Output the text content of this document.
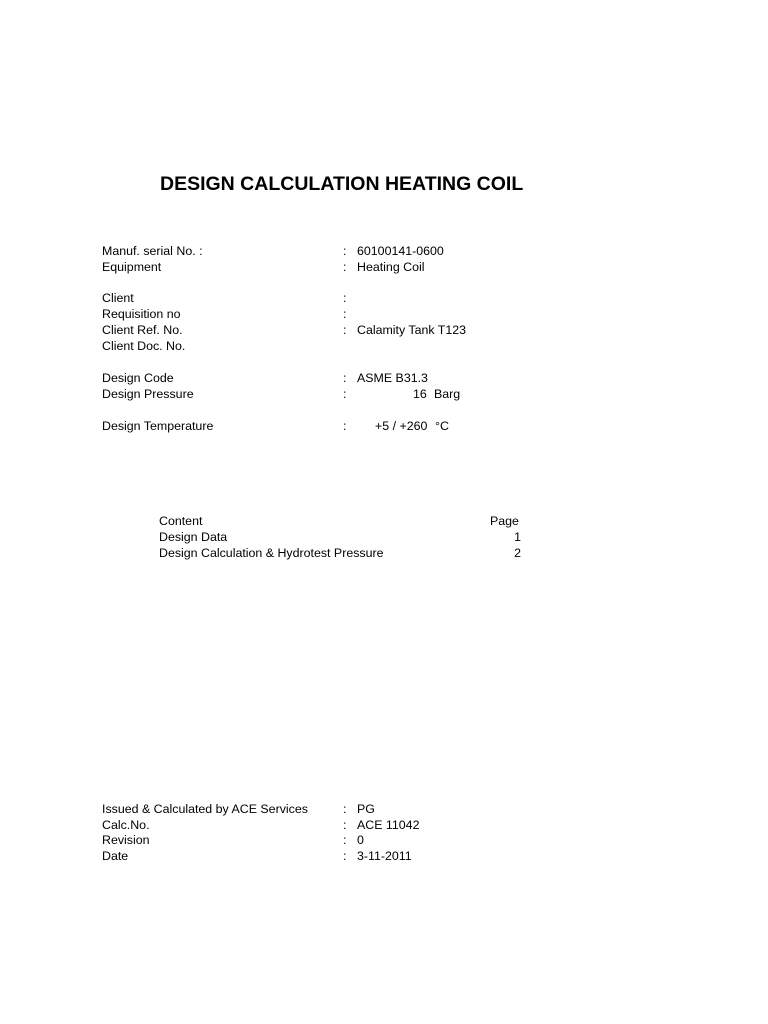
DESIGN CALCULATION HEATING COIL
Manuf. serial No. :	: 60100141-0600
Equipment	: Heating Coil
Client	:
Requisition no	:
Client Ref. No.	: Calamity Tank T123
Client Doc. No.
Design Code	: ASME B31.3
Design Pressure	:	16 Barg
Design Temperature	: +5 / +260 °C
Content	Page
Design Data	1
Design Calculation & Hydrotest Pressure	2
Issued & Calculated by ACE Services	: PG
Calc.No.	: ACE 11042
Revision	: 0
Date	: 3-11-2011
